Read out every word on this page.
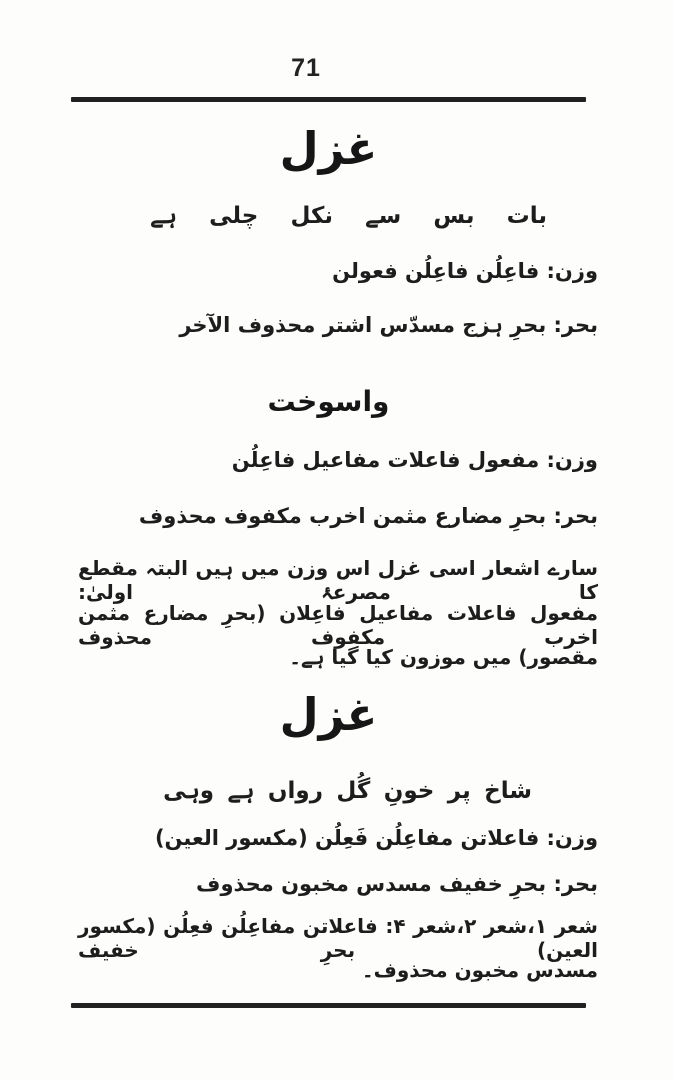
71
غزل
بات
بس
سے
نکل
چلی
ہے
وزن: فاعِلُن فاعِلُن فعولن
بحر: بحرِ ہزج مسدّس اشتر محذوف الآخر
واسوخت
وزن: مفعول فاعلات مفاعیل فاعِلُن
بحر: بحرِ مضارع مثمن اخرب مکفوف محذوف
سارے اشعار اسی غزل اس وزن میں ہیں البتہ مقطع کا مصرعۂ اولیٰ:
مفعول فاعلات مفاعیل فاعِلان (بحرِ مضارع مثمن اخرب مکفوف محذوف
مقصور) میں موزون کیا گیا ہے۔
غزل
شاخ
پر
خونِ
گُل
رواں
ہے
وہی
وزن: فاعلاتن مفاعِلُن فَعِلُن (مکسور العین)
بحر: بحرِ خفیف مسدس مخبون محذوف
شعر ۱،شعر ۲،شعر ۴: فاعلاتن مفاعِلُن فعِلُن (مکسور العین) بحرِ خفیف
مسدس مخبون محذوف۔
